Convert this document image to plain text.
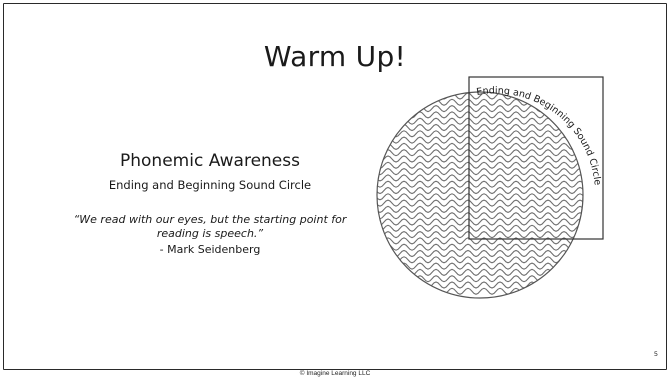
Warm Up!
Phonemic Awareness
Ending and Beginning Sound Circle
“We read with our eyes, but the starting point for reading is speech.”
- Mark Seidenberg
Ending and Beginning Sound Circle
5
© Imagine Learning LLC
